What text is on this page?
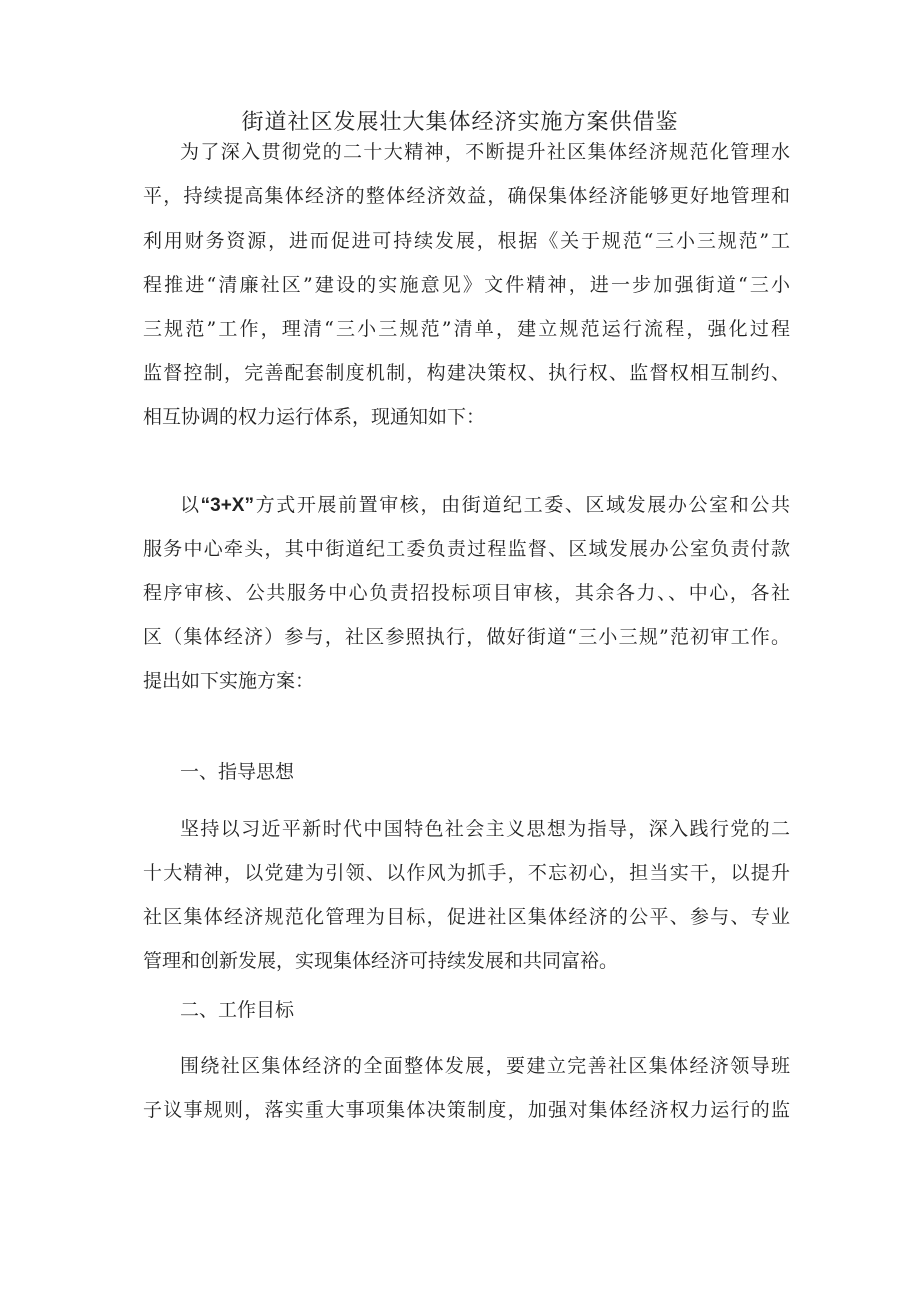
街道社区发展壮大集体经济实施方案供借鉴
为了深入贯彻党的二十大精神，不断提升社区集体经济规范化管理水
平，持续提高集体经济的整体经济效益，确保集体经济能够更好地管理和
利用财务资源，进而促进可持续发展，根据《关于规范“三小三规范”工
程推进“清廉社区”建设的实施意见》文件精神，进一步加强街道“三小
三规范”工作，理清“三小三规范”清单，建立规范运行流程，强化过程
监督控制，完善配套制度机制，构建决策权、执行权、监督权相互制约、
相互协调的权力运行体系，现通知如下：
以“3+X”方式开展前置审核，由街道纪工委、区域发展办公室和公共
服务中心牵头，其中街道纪工委负责过程监督、区域发展办公室负责付款
程序审核、公共服务中心负责招投标项目审核，其余各力、、中心，各社
区（集体经济）参与，社区参照执行，做好街道“三小三规”范初审工作。
提出如下实施方案：
一、指导思想
坚持以习近平新时代中国特色社会主义思想为指导，深入践行党的二
十大精神，以党建为引领、以作风为抓手，不忘初心，担当实干，以提升
社区集体经济规范化管理为目标，促进社区集体经济的公平、参与、专业
管理和创新发展，实现集体经济可持续发展和共同富裕。
二、工作目标
围绕社区集体经济的全面整体发展，要建立完善社区集体经济领导班
子议事规则，落实重大事项集体决策制度，加强对集体经济权力运行的监
